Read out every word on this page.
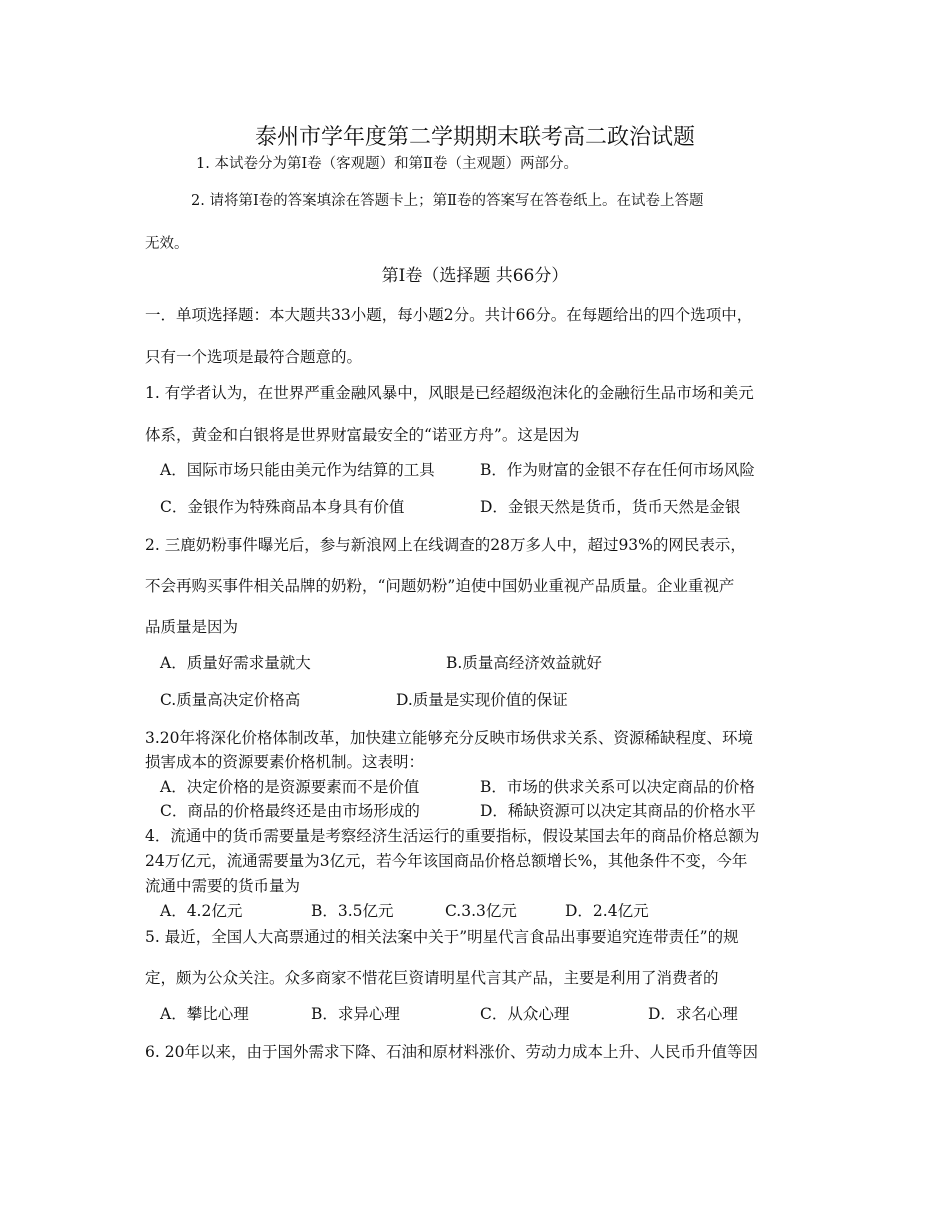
泰州市学年度第二学期期末联考高二政治试题
1. 本试卷分为第Ⅰ卷（客观题）和第Ⅱ卷（主观题）两部分。
2. 请将第Ⅰ卷的答案填涂在答题卡上；第Ⅱ卷的答案写在答卷纸上。在试卷上答题
无效。
第Ⅰ卷（选择题 共66分）
一．单项选择题：本大题共33小题，每小题2分。共计66分。在每题给出的四个选项中，
只有一个选项是最符合题意的。
1. 有学者认为，在世界严重金融风暴中，风眼是已经超级泡沫化的金融衍生品市场和美元
体系，黄金和白银将是世界财富最安全的“诺亚方舟”。这是因为
A．国际市场只能由美元作为结算的工具	B．作为财富的金银不存在任何市场风险
C．金银作为特殊商品本身具有价值	D．金银天然是货币，货币天然是金银
2. 三鹿奶粉事件曝光后，参与新浪网上在线调查的28万多人中，超过93%的网民表示，
不会再购买事件相关品牌的奶粉，“问题奶粉”迫使中国奶业重视产品质量。企业重视产
品质量是因为
A．质量好需求量就大	B.质量高经济效益就好
C.质量高决定价格高	D.质量是实现价值的保证
3.20年将深化价格体制改革，加快建立能够充分反映市场供求关系、资源稀缺程度、环境
损害成本的资源要素价格机制。这表明：
A．决定价格的是资源要素而不是价值	B．市场的供求关系可以决定商品的价格
C．商品的价格最终还是由市场形成的	D．稀缺资源可以决定其商品的价格水平
4．流通中的货币需要量是考察经济生活运行的重要指标，假设某国去年的商品价格总额为
24万亿元，流通需要量为3亿元，若今年该国商品价格总额增长%，其他条件不变，今年
流通中需要的货币量为
A．4.2亿元	B．3.5亿元	C.3.3亿元	D．2.4亿元
5. 最近，全国人大高票通过的相关法案中关于”明星代言食品出事要追究连带责任”的规
定，颇为公众关注。众多商家不惜花巨资请明星代言其产品，主要是利用了消费者的
A．攀比心理	B．求异心理	C．从众心理	D．求名心理
6. 20年以来，由于国外需求下降、石油和原材料涨价、劳动力成本上升、人民币升值等因
